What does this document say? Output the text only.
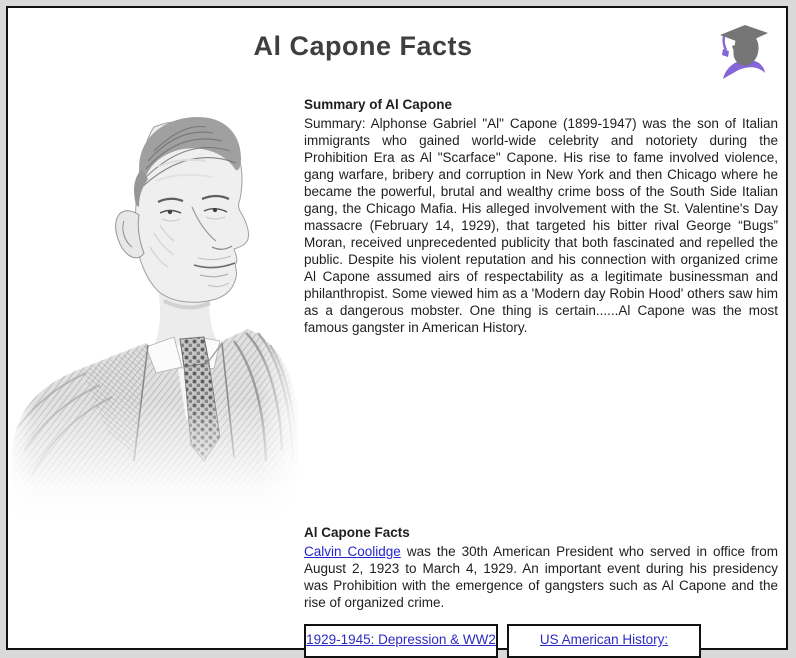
Al Capone Facts
Summary of Al Capone

Summary: Alphonse Gabriel "Al" Capone (1899-1947) was the son of Italian immigrants who gained world-wide celebrity and notoriety during the Prohibition Era as Al "Scarface" Capone. His rise to fame involved violence, gang warfare, bribery and corruption in New York and then Chicago where he became the powerful, brutal and wealthy crime boss of the South Side Italian gang, the Chicago Mafia. His alleged involvement with the St. Valentine's Day massacre (February 14, 1929), that targeted his bitter rival George “Bugs” Moran, received unprecedented publicity that both fascinated and repelled the public. Despite his violent reputation and his connection with organized crime Al Capone assumed airs of respectability as a legitimate businessman and philanthropist. Some viewed him as a 'Modern day Robin Hood' others saw him as a dangerous mobster. One thing is certain......Al Capone was the most famous gangster in American History.

Al Capone Facts

Calvin Coolidge was the 30th American President who served in office from August 2, 1923 to March 4, 1929. An important event during his presidency was Prohibition with the emergence of gangsters such as Al Capone and the rise of organized crime.

1929-1945: Depression & WW2	US American History:
